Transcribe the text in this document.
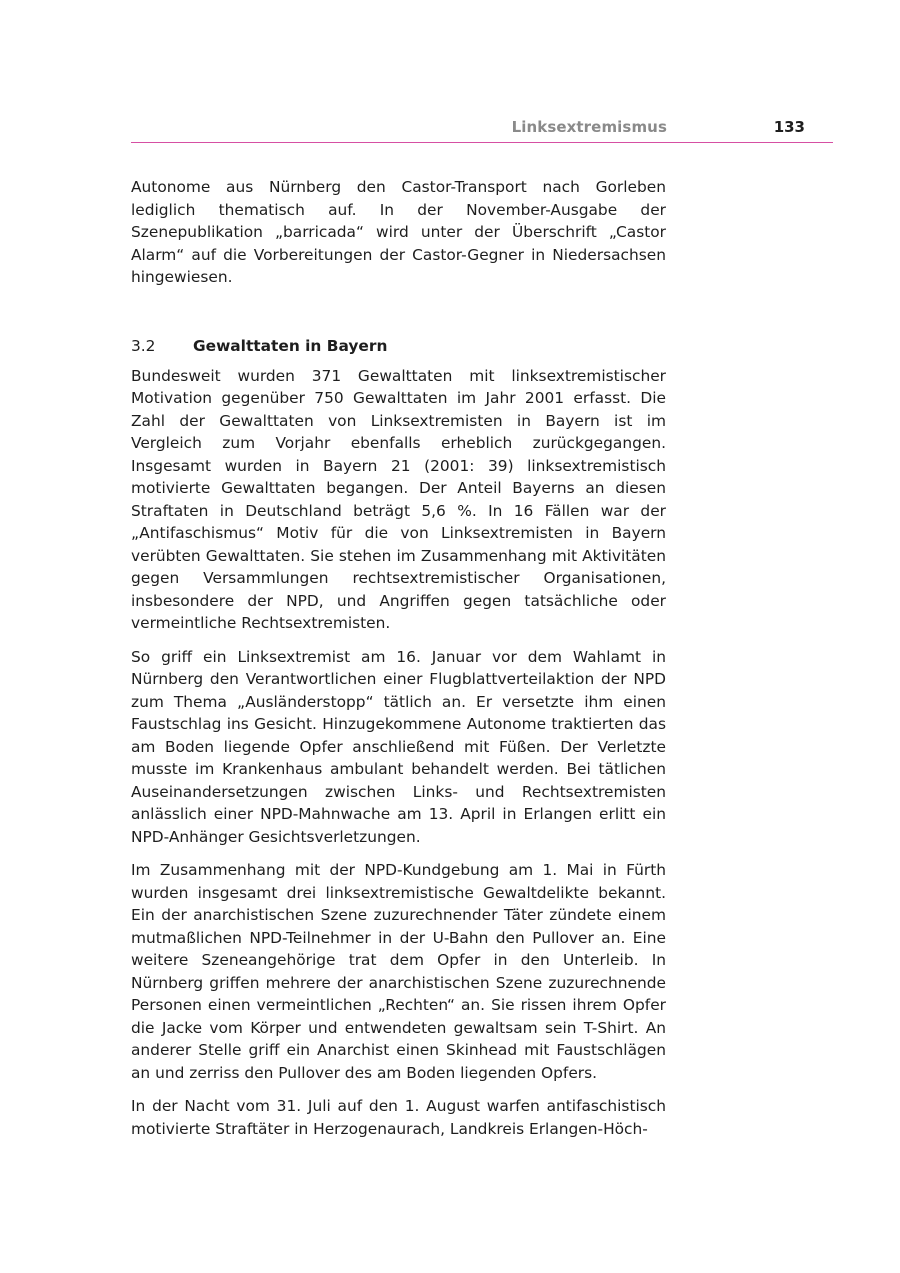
Linksextremismus	133

Autonome aus Nürnberg den Castor-Transport nach Gorleben lediglich thematisch auf. In der November-Ausgabe der Szenepublikation „barricada“ wird unter der Überschrift „Castor Alarm“ auf die Vorbereitungen der Castor-Gegner in Niedersachsen hingewiesen.

3.2	Gewalttaten in Bayern

Bundesweit wurden 371 Gewalttaten mit linksextremistischer Motivation gegenüber 750 Gewalttaten im Jahr 2001 erfasst. Die Zahl der Gewalttaten von Linksextremisten in Bayern ist im Vergleich zum Vorjahr ebenfalls erheblich zurückgegangen. Insgesamt wurden in Bayern 21 (2001: 39) linksextremistisch motivierte Gewalttaten begangen. Der Anteil Bayerns an diesen Straftaten in Deutschland beträgt 5,6 %. In 16 Fällen war der „Antifaschismus“ Motiv für die von Linksextremisten in Bayern verübten Gewalttaten. Sie stehen im Zusammenhang mit Aktivitäten gegen Versammlungen rechtsextremistischer Organisationen, insbesondere der NPD, und Angriffen gegen tatsächliche oder vermeintliche Rechtsextremisten.

So griff ein Linksextremist am 16. Januar vor dem Wahlamt in Nürnberg den Verantwortlichen einer Flugblattverteilaktion der NPD zum Thema „Ausländerstopp“ tätlich an. Er versetzte ihm einen Faustschlag ins Gesicht. Hinzugekommene Autonome traktierten das am Boden liegende Opfer anschließend mit Füßen. Der Verletzte musste im Krankenhaus ambulant behandelt werden. Bei tätlichen Auseinandersetzungen zwischen Links- und Rechtsextremisten anlässlich einer NPD-Mahnwache am 13. April in Erlangen erlitt ein NPD-Anhänger Gesichtsverletzungen.

Im Zusammenhang mit der NPD-Kundgebung am 1. Mai in Fürth wurden insgesamt drei linksextremistische Gewaltdelikte bekannt. Ein der anarchistischen Szene zuzurechnender Täter zündete einem mutmaßlichen NPD-Teilnehmer in der U-Bahn den Pullover an. Eine weitere Szeneangehörige trat dem Opfer in den Unterleib. In Nürnberg griffen mehrere der anarchistischen Szene zuzurechnende Personen einen vermeintlichen „Rechten“ an. Sie rissen ihrem Opfer die Jacke vom Körper und entwendeten gewaltsam sein T-Shirt. An anderer Stelle griff ein Anarchist einen Skinhead mit Faustschlägen an und zerriss den Pullover des am Boden liegenden Opfers.

In der Nacht vom 31. Juli auf den 1. August warfen antifaschistisch motivierte Straftäter in Herzogenaurach, Landkreis Erlangen-Höch-
